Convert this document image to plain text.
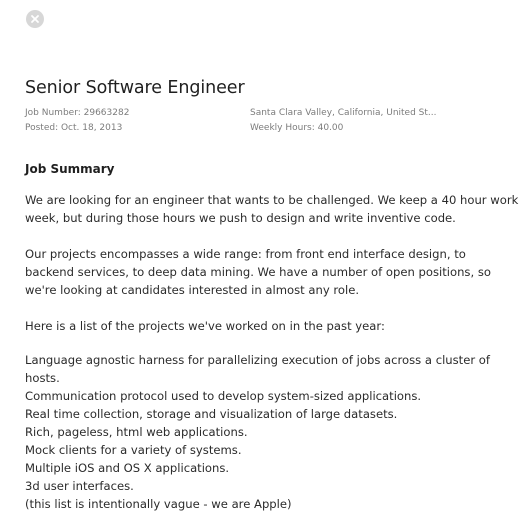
Senior Software Engineer
Job Number: 29663282
Posted: Oct. 18, 2013
Santa Clara Valley, California, United St...
Weekly Hours: 40.00
Job Summary
We are looking for an engineer that wants to be challenged. We keep a 40 hour work
week, but during those hours we push to design and write inventive code.
Our projects encompasses a wide range: from front end interface design, to
backend services, to deep data mining. We have a number of open positions, so
we're looking at candidates interested in almost any role.
Here is a list of the projects we've worked on in the past year:
Language agnostic harness for parallelizing execution of jobs across a cluster of
hosts.
Communication protocol used to develop system-sized applications.
Real time collection, storage and visualization of large datasets.
Rich, pageless, html web applications.
Mock clients for a variety of systems.
Multiple iOS and OS X applications.
3d user interfaces.
(this list is intentionally vague - we are Apple)
